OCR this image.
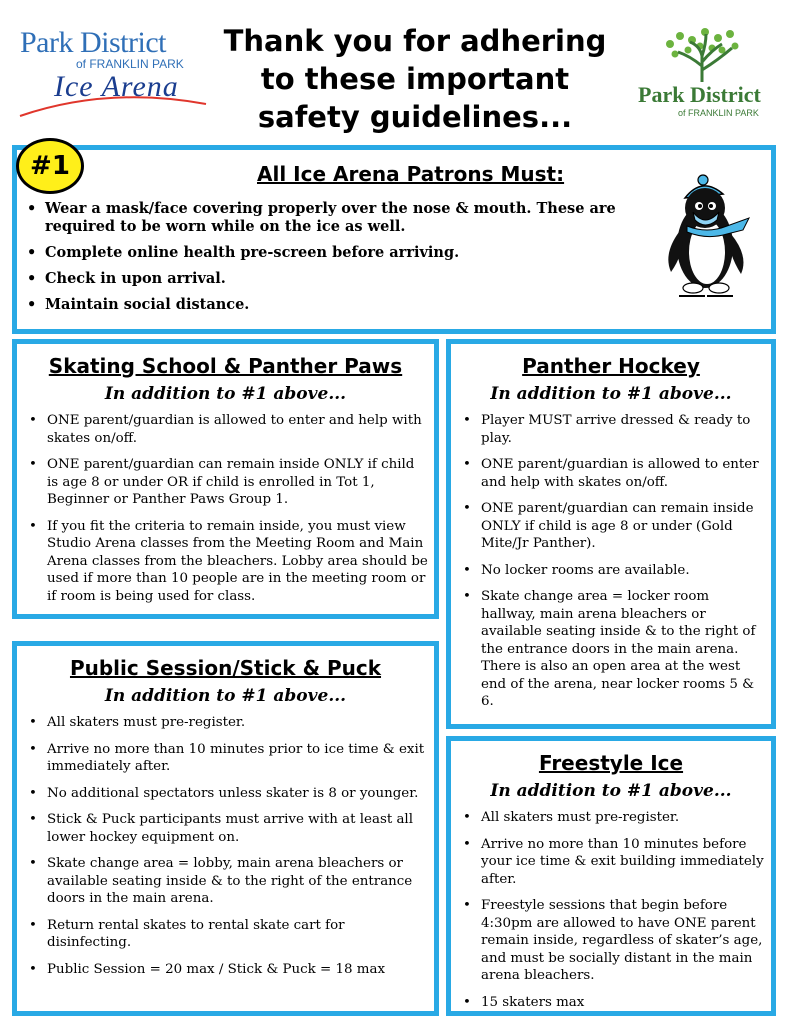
Park District
of FRANKLIN PARK
Ice Arena
Thank you for adhering
to these important
safety guidelines...
Park District
of FRANKLIN PARK
All Ice Arena Patrons Must:
• Wear a mask/face covering properly over the nose & mouth. These are required to be worn while on the ice as well.
• Complete online health pre-screen before arriving.
• Check in upon arrival.
• Maintain social distance.
#1
Skating School & Panther Paws
In addition to #1 above...
• ONE parent/guardian is allowed to enter and help with skates on/off.
• ONE parent/guardian can remain inside ONLY if child is age 8 or under OR if child is enrolled in Tot 1, Beginner or Panther Paws Group 1.
• If you fit the criteria to remain inside, you must view Studio Arena classes from the Meeting Room and Main Arena classes from the bleachers. Lobby area should be used if more than 10 people are in the meeting room or if room is being used for class.
Panther Hockey
In addition to #1 above...
• Player MUST arrive dressed & ready to play.
• ONE parent/guardian is allowed to enter and help with skates on/off.
• ONE parent/guardian can remain inside ONLY if child is age 8 or under (Gold Mite/Jr Panther).
• No locker rooms are available.
• Skate change area = locker room hallway, main arena bleachers or available seating inside & to the right of the entrance doors in the main arena. There is also an open area at the west end of the arena, near locker rooms 5 & 6.
Public Session/Stick & Puck
In addition to #1 above...
• All skaters must pre-register.
• Arrive no more than 10 minutes prior to ice time & exit immediately after.
• No additional spectators unless skater is 8 or younger.
• Stick & Puck participants must arrive with at least all lower hockey equipment on.
• Skate change area = lobby, main arena bleachers or available seating inside & to the right of the entrance doors in the main arena.
• Return rental skates to rental skate cart for disinfecting.
• Public Session = 20 max / Stick & Puck = 18 max
Freestyle Ice
In addition to #1 above...
• All skaters must pre-register.
• Arrive no more than 10 minutes before your ice time & exit building immediately after.
• Freestyle sessions that begin before 4:30pm are allowed to have ONE parent remain inside, regardless of skater’s age, and must be socially distant in the main arena bleachers.
• 15 skaters max
